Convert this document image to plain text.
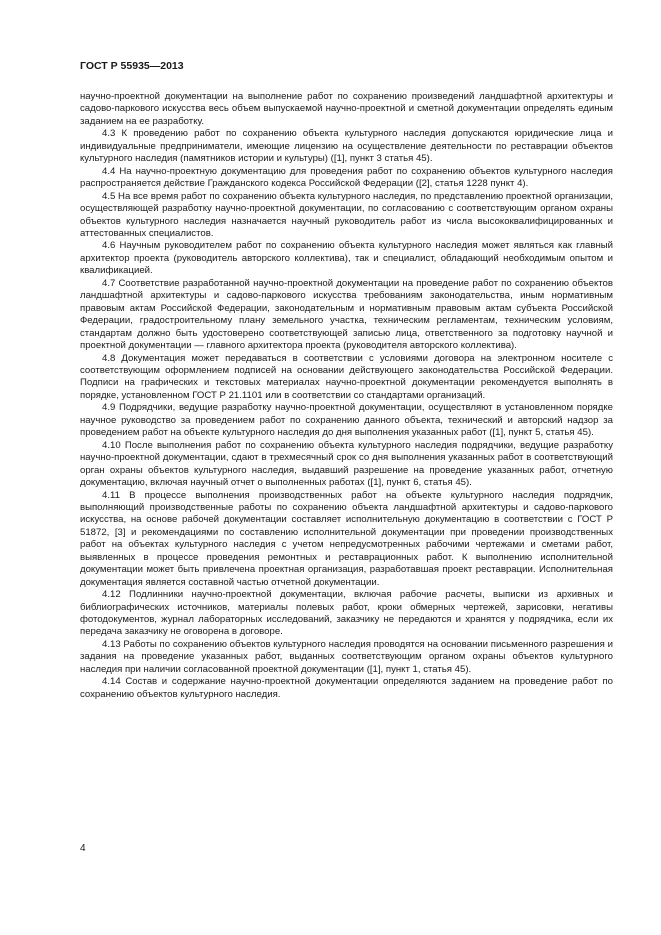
ГОСТ Р 55935—2013

научно-проектной документации на выполнение работ по сохранению произведений ландшафтной архитектуры и садово-паркового искусства весь объем выпускаемой научно-проектной и сметной документации определять единым заданием на ее разработку.

4.3 К проведению работ по сохранению объекта культурного наследия допускаются юридические лица и индивидуальные предприниматели, имеющие лицензию на осуществление деятельности по реставрации объектов культурного наследия (памятников истории и культуры) ([1], пункт 3 статья 45).

4.4 На научно-проектную документацию для проведения работ по сохранению объектов культурного наследия распространяется действие Гражданского кодекса Российской Федерации ([2], статья 1228 пункт 4).

4.5 На все время работ по сохранению объекта культурного наследия, по представлению проектной организации, осуществляющей разработку научно-проектной документации, по согласованию с соответствующим органом охраны объектов культурного наследия назначается научный руководитель работ из числа высококвалифицированных и аттестованных специалистов.

4.6 Научным руководителем работ по сохранению объекта культурного наследия может являться как главный архитектор проекта (руководитель авторского коллектива), так и специалист, обладающий необходимым опытом и квалификацией.

4.7 Соответствие разработанной научно-проектной документации на проведение работ по сохранению объектов ландшафтной архитектуры и садово-паркового искусства требованиям законодательства, иным нормативным правовым актам Российской Федерации, законодательным и нормативным правовым актам субъекта Российской Федерации, градостроительному плану земельного участка, техническим регламентам, техническим условиям, стандартам должно быть удостоверено соответствующей записью лица, ответственного за подготовку научной и проектной документации — главного архитектора проекта (руководителя авторского коллектива).

4.8 Документация может передаваться в соответствии с условиями договора на электронном носителе с соответствующим оформлением подписей на основании действующего законодательства Российской Федерации. Подписи на графических и текстовых материалах научно-проектной документации рекомендуется выполнять в порядке, установленном ГОСТ Р 21.1101 или в соответствии со стандартами организаций.

4.9 Подрядчики, ведущие разработку научно-проектной документации, осуществляют в установленном порядке научное руководство за проведением работ по сохранению данного объекта, технический и авторский надзор за проведением работ на объекте культурного наследия до дня выполнения указанных работ ([1], пункт 5, статья 45).

4.10 После выполнения работ по сохранению объекта культурного наследия подрядчики, ведущие разработку научно-проектной документации, сдают в трехмесячный срок со дня выполнения указанных работ в соответствующий орган охраны объектов культурного наследия, выдавший разрешение на проведение указанных работ, отчетную документацию, включая научный отчет о выполненных работах ([1], пункт 6, статья 45).

4.11 В процессе выполнения производственных работ на объекте культурного наследия подрядчик, выполняющий производственные работы по сохранению объекта ландшафтной архитектуры и садово-паркового искусства, на основе рабочей документации составляет исполнительную документацию в соответствии с ГОСТ Р 51872, [3] и рекомендациями по составлению исполнительной документации при проведении производственных работ на объектах культурного наследия с учетом непредусмотренных рабочими чертежами и сметами работ, выявленных в процессе проведения ремонтных и реставрационных работ. К выполнению исполнительной документации может быть привлечена проектная организация, разработавшая проект реставрации. Исполнительная документация является составной частью отчетной документации.

4.12 Подлинники научно-проектной документации, включая рабочие расчеты, выписки из архивных и библиографических источников, материалы полевых работ, кроки обмерных чертежей, зарисовки, негативы фотодокументов, журнал лабораторных исследований, заказчику не передаются и хранятся у подрядчика, если их передача заказчику не оговорена в договоре.

4.13 Работы по сохранению объектов культурного наследия проводятся на основании письменного разрешения и задания на проведение указанных работ, выданных соответствующим органом охраны объектов культурного наследия при наличии согласованной проектной документации ([1], пункт 1, статья 45).

4.14 Состав и содержание научно-проектной документации определяются заданием на проведение работ по сохранению объектов культурного наследия.

4
